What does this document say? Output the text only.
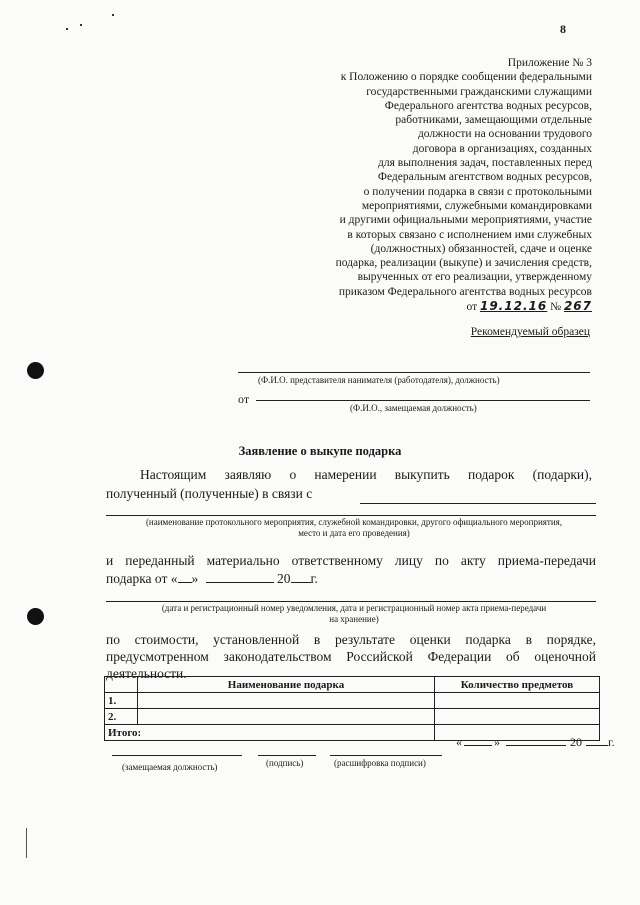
8
Приложение № 3
к Положению о порядке сообщении федеральными
государственными гражданскими служащими
Федерального агентства водных ресурсов,
работниками, замещающими отдельные
должности на основании трудового
договора в организациях, созданных
для выполнения задач, поставленных перед
Федеральным агентством водных ресурсов,
о получении подарка в связи с протокольными
мероприятиями, служебными командировками
и другими официальными мероприятиями, участие
в которых связано с исполнением ими служебных
(должностных) обязанностей, сдаче и оценке
подарка, реализации (выкупе) и зачисления средств,
вырученных от его реализации, утвержденному
приказом Федерального агентства водных ресурсов
от 19.12.16 № 267
Рекомендуемый образец
(Ф.И.О. представителя нанимателя (работодателя), должность)
от
(Ф.И.О., замещаемая должность)
Заявление о выкупе подарка
Настоящим заявляю о намерении выкупить подарок (подарки),
полученный (полученные) в связи с
(наименование протокольного мероприятия, служебной командировки, другого официального мероприятия,
место и дата его проведения)
и переданный материально ответственному лицу по акту приема-передачи
подарка от « »	20 г.
(дата и регистрационный номер уведомления, дата и регистрационный номер акта приема-передачи
на хранение)
по стоимости, установленной в результате оценки подарка в порядке,
предусмотренном законодательством Российской Федерации об оценочной
деятельности.
	Наименование подарка	Количество предметов
1.		
2.		
Итого:		
«	»	20 г.
(замещаемая должность)	(подпись)	(расшифровка подписи)
